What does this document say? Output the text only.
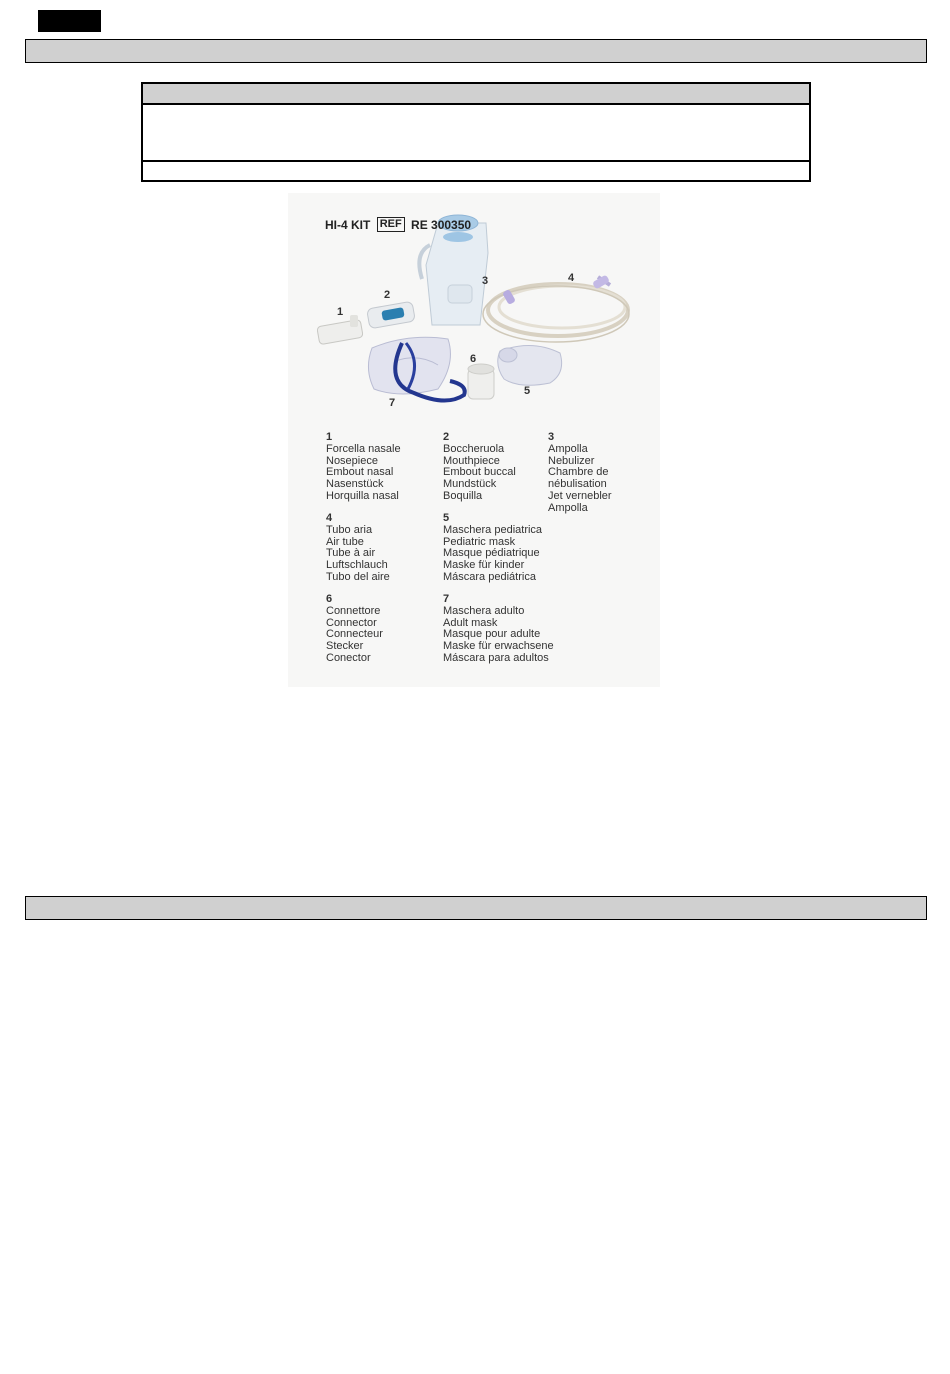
HI-4 KIT REF RE 300350
1
2
3	4
5
6
7
1
Forcella nasale
Nosepiece
Embout nasal
Nasenstück
Horquilla nasal
2
Boccheruola
Mouthpiece
Embout buccal
Mundstück
Boquilla
3
Ampolla
Nebulizer
Chambre de
nébulisation
Jet vernebler
Ampolla
4
Tubo aria
Air tube
Tube à air
Luftschlauch
Tubo del aire
5
Maschera pediatrica
Pediatric mask
Masque pédiatrique
Maske für kinder
Máscara pediátrica
6
Connettore
Connector
Connecteur
Stecker
Conector
7
Maschera adulto
Adult mask
Masque pour adulte
Maske für erwachsene
Máscara para adultos
